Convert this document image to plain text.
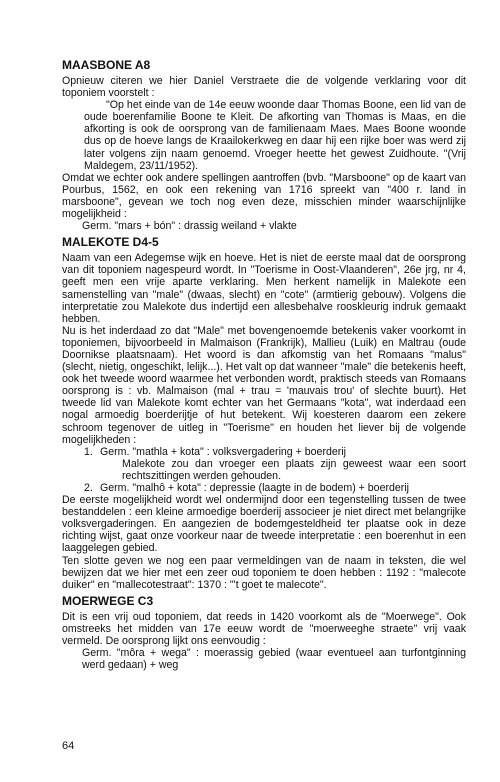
MAASBONE A8

Opnieuw citeren we hier Daniel Verstraete die de volgende verklaring voor dit toponiem voorstelt :

"Op het einde van de 14e eeuw woonde daar Thomas Boone, een lid van de oude boerenfamilie Boone te Kleit. De afkorting van Thomas is Maas, en die afkorting is ook de oorsprong van de familienaam Maes. Maes Boone woonde dus op de hoeve langs de Kraailokerkweg en daar hij een rijke boer was werd zij later volgens zijn naam genoemd. Vroeger heette het gewest Zuidhoute. "(Vrij Maldegem, 23/11/1952).

Omdat we echter ook andere spellingen aantroffen (bvb. "Marsboone" op de kaart van Pourbus, 1562, en ook een rekening van 1716 spreekt van "400 r. land in marsboone", gevean we toch nog even deze, misschien minder waarschijnlijke mogelijkheid :

Germ. "mars + bón" : drassig weiland + vlakte

MALEKOTE D4-5

Naam van een Adegemse wijk en hoeve. Het is niet de eerste maal dat de oorsprong van dit toponiem nagespeurd wordt. In "Toerisme in Oost-Vlaanderen", 26e jrg, nr 4, geeft men een vrije aparte verklaring. Men herkent namelijk in Malekote een samenstelling van "male" (dwaas, slecht) en "cote" (armtierig gebouw). Volgens die interpretatie zou Malekote dus indertijd een allesbehalve rooskleurig indruk gemaakt hebben.

Nu is het inderdaad zo dat "Male" met bovengenoemde betekenis vaker voorkomt in toponiemen, bijvoorbeeld in Malmaison (Frankrijk), Mallieu (Luik) en Maltrau (oude Doornikse plaatsnaam). Het woord is dan afkomstig van het Romaans "malus" (slecht, nietig, ongeschikt, lelijk...). Het valt op dat wanneer "male" die betekenis heeft, ook het tweede woord waarmee het verbonden wordt, praktisch steeds van Romaans oorsprong is : vb. Malmaison (mal + trau = 'mauvais trou' of slechte buurt). Het tweede lid van Malekote komt echter van het Germaans "kota", wat inderdaad een nogal armoedig boerderijtje of hut betekent. Wij koesteren daarom een zekere schroom tegenover de uitleg in "Toerisme" en houden het liever bij de volgende mogelijkheden :

1. Germ. "mathla + kota" : volksvergadering + boerderij

Malekote zou dan vroeger een plaats zijn geweest waar een soort rechtszittingen werden gehouden.

2. Germ. "malhô + kota" : depressie (laagte in de bodem) + boerderij

De eerste mogelijkheid wordt wel ondermijnd door een tegenstelling tussen de twee bestanddelen : een kleine armoedige boerderij associeer je niet direct met belangrijke volksvergaderingen. En aangezien de bodemgesteldheid ter plaatse ook in deze richting wijst, gaat onze voorkeur naar de tweede interpretatie : een boerenhut in een laaggelegen gebied.

Ten slotte geven we nog een paar vermeldingen van de naam in teksten, die wel bewijzen dat we hier met een zeer oud toponiem te doen hebben : 1192 : "malecote duiker" en "mallecotestraat": 1370 : "'t goet te malecote".

MOERWEGE C3

Dit is een vrij oud toponiem, dat reeds in 1420 voorkomt als de "Moerwege". Ook omstreeks het midden van 17e eeuw wordt de "moerweeghe straete" vrij vaak vermeld. De oorsprong lijkt ons eenvoudig :

Germ. "môra + wega" : moerassig gebied (waar eventueel aan turfontginning werd gedaan) + weg

64
